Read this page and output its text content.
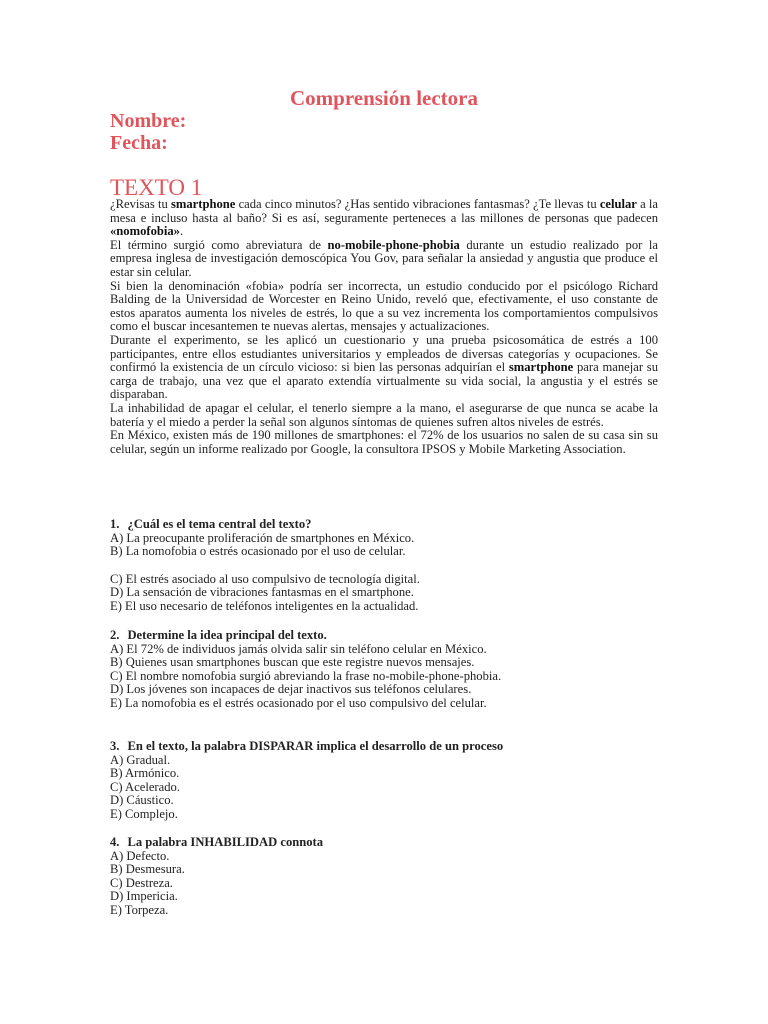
Comprensión lectora
Nombre:
Fecha:
TEXTO 1

¿Revisas tu smartphone cada cinco minutos? ¿Has sentido vibraciones fantasmas? ¿Te llevas tu celular a la mesa e incluso hasta al baño? Si es así, seguramente perteneces a las millones de personas que padecen «nomofobia».

El término surgió como abreviatura de no-mobile-phone-phobia durante un estudio realizado por la empresa inglesa de investigación demoscópica You Gov, para señalar la ansiedad y angustia que produce el estar sin celular.

Si bien la denominación «fobia» podría ser incorrecta, un estudio conducido por el psicólogo Richard Balding de la Universidad de Worcester en Reino Unido, reveló que, efectivamente, el uso constante de estos aparatos aumenta los niveles de estrés, lo que a su vez incrementa los comportamientos compulsivos como el buscar incesantemen te nuevas alertas, mensajes y actualizaciones.

Durante el experimento, se les aplicó un cuestionario y una prueba psicosomática de estrés a 100 participantes, entre ellos estudiantes universitarios y empleados de diversas categorías y ocupaciones. Se confirmó la existencia de un círculo vicioso: si bien las personas adquirían el smartphone para manejar su carga de trabajo, una vez que el aparato extendía virtualmente su vida social, la angustia y el estrés se disparaban.

La inhabilidad de apagar el celular, el tenerlo siempre a la mano, el asegurarse de que nunca se acabe la batería y el miedo a perder la señal son algunos síntomas de quienes sufren altos niveles de estrés.

En México, existen más de 190 millones de smartphones: el 72% de los usuarios no salen de su casa sin su celular, según un informe realizado por Google, la consultora IPSOS y Mobile Marketing Association.

1. ¿Cuál es el tema central del texto?

A) La preocupante proliferación de smartphones en México.

B) La nomofobia o estrés ocasionado por el uso de celular.

C) El estrés asociado al uso compulsivo de tecnología digital.

D) La sensación de vibraciones fantasmas en el smartphone.

E) El uso necesario de teléfonos inteligentes en la actualidad.

2. Determine la idea principal del texto.

A) El 72% de individuos jamás olvida salir sin teléfono celular en México.

B) Quienes usan smartphones buscan que este registre nuevos mensajes.

C) El nombre nomofobia surgió abreviando la frase no-mobile-phone-phobia.

D) Los jóvenes son incapaces de dejar inactivos sus teléfonos celulares.

E) La nomofobia es el estrés ocasionado por el uso compulsivo del celular.

3. En el texto, la palabra DISPARAR implica el desarrollo de un proceso

A) Gradual.

B) Armónico.

C) Acelerado.

D) Cáustico.

E) Complejo.

4. La palabra INHABILIDAD connota

A) Defecto.

B) Desmesura.

C) Destreza.

D) Impericia.

E) Torpeza.
